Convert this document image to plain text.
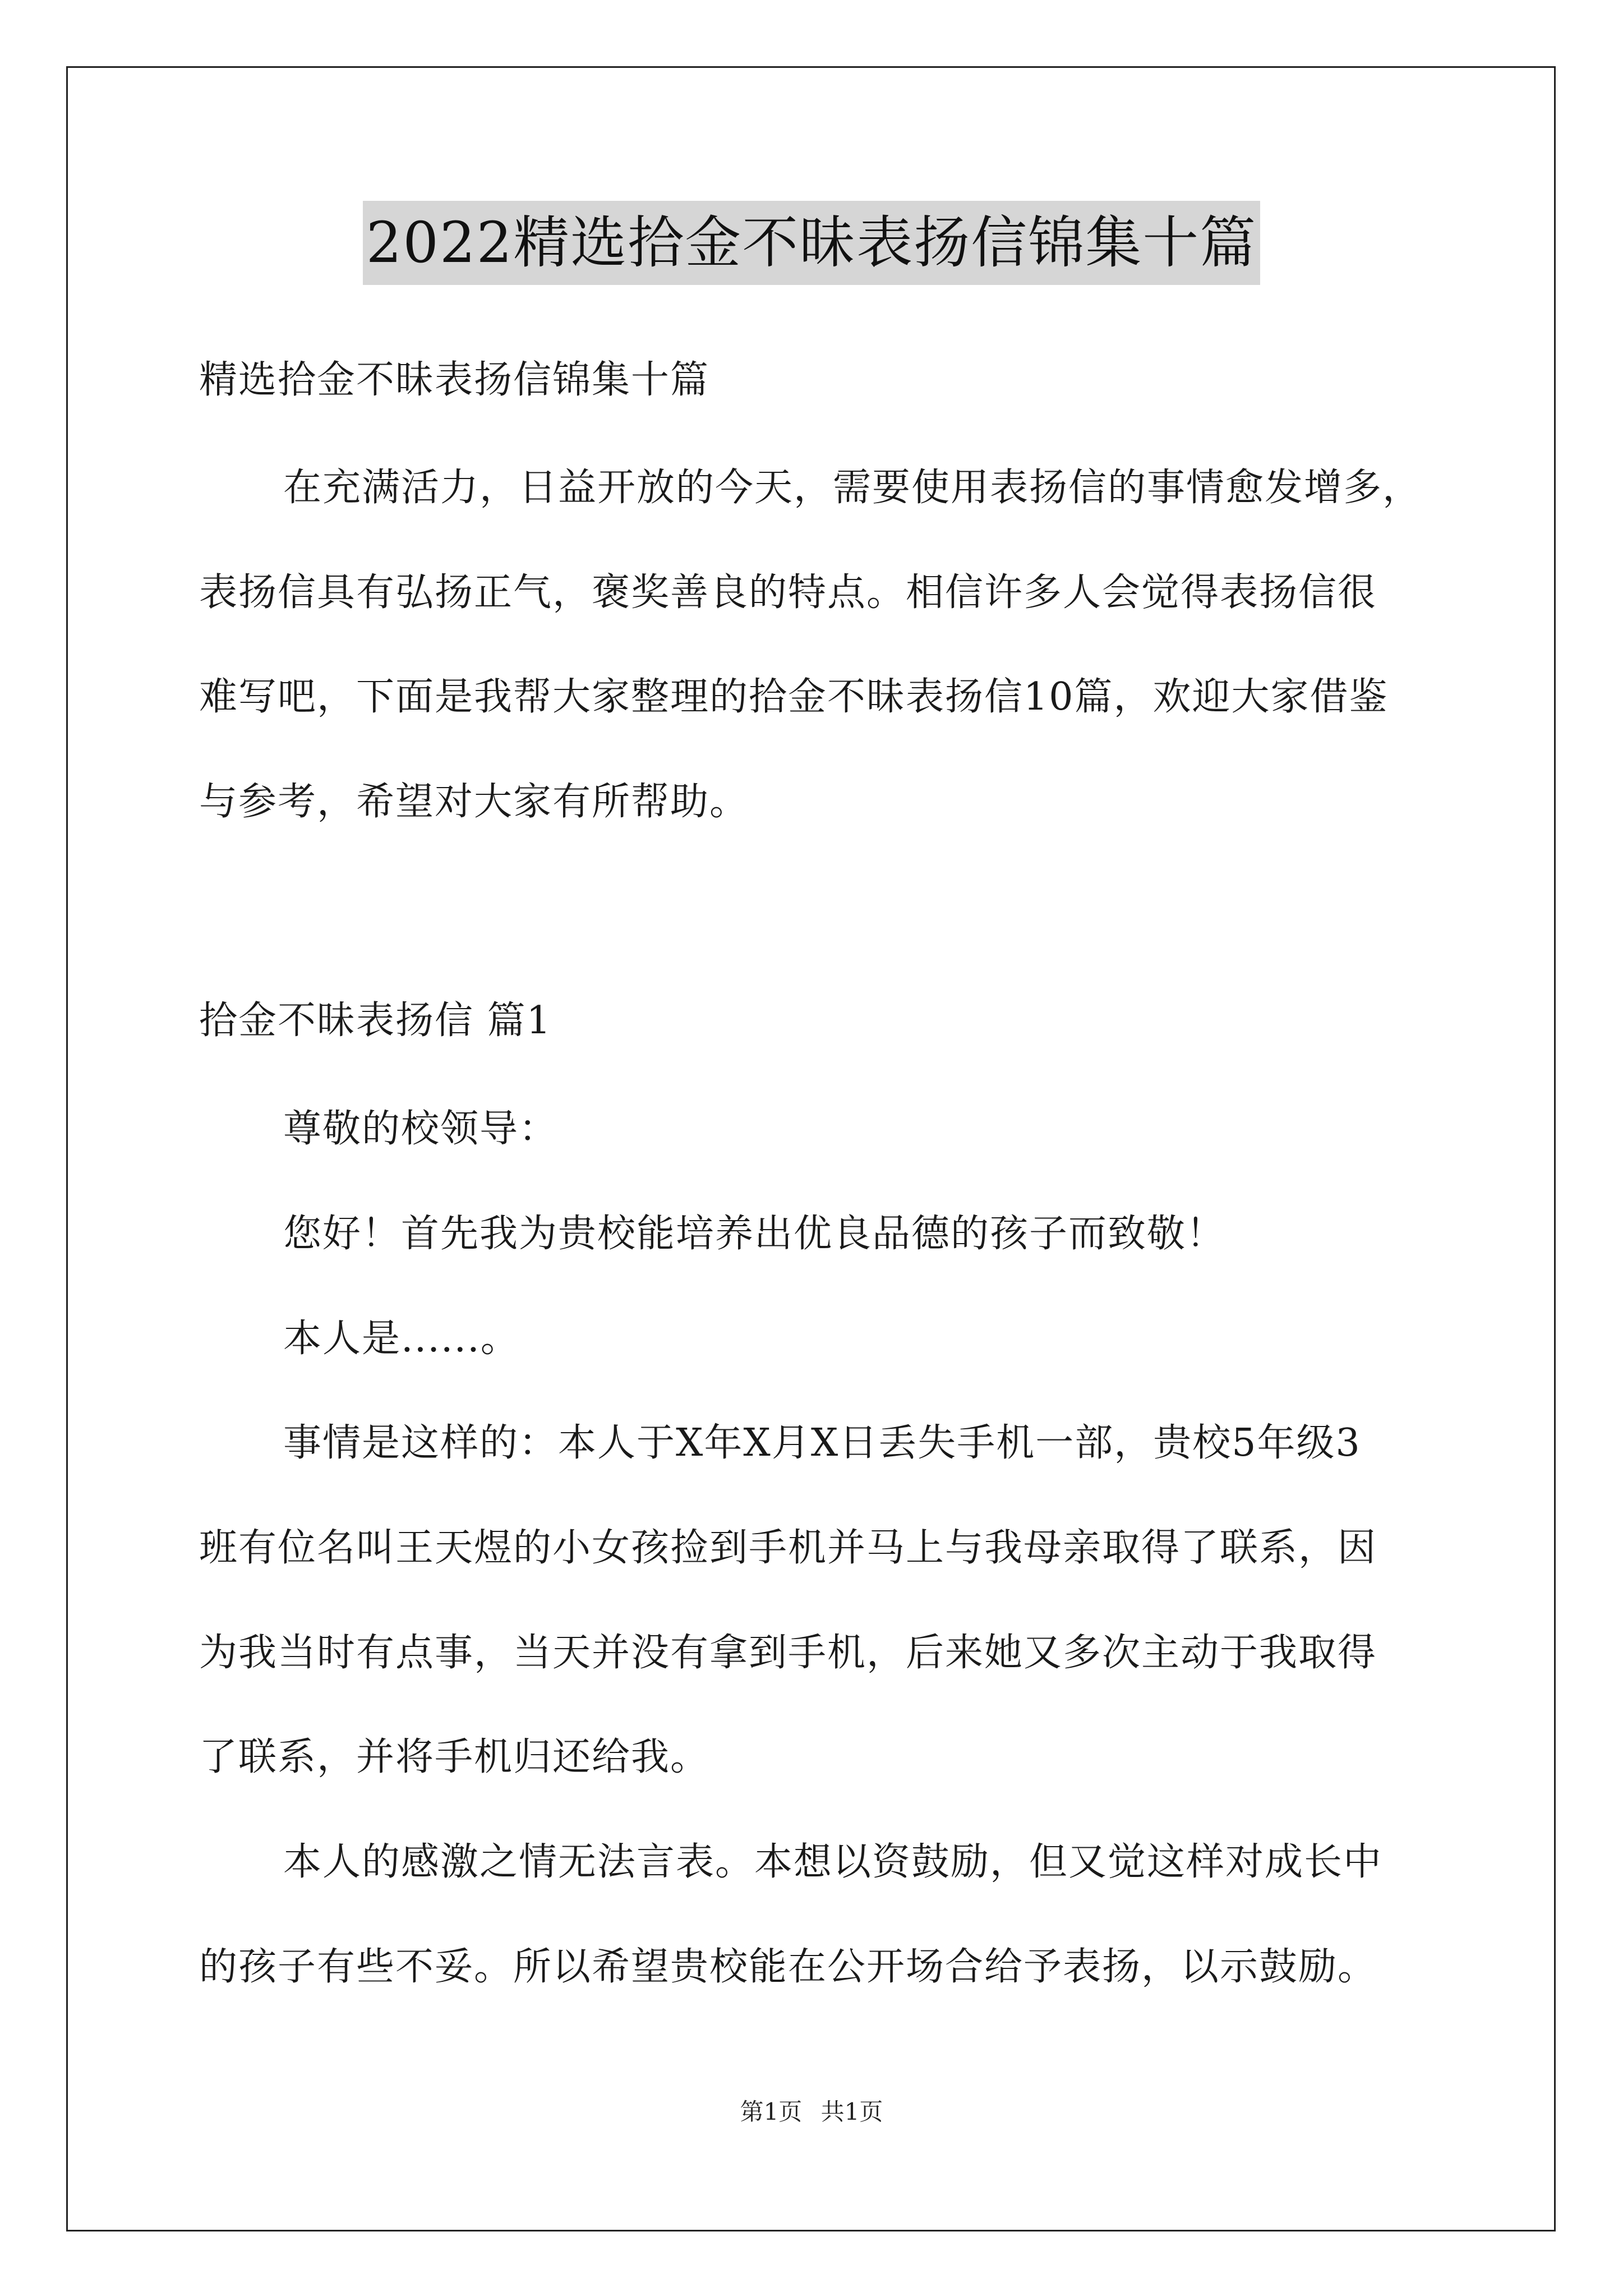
2022精选拾金不昧表扬信锦集十篇
精选拾金不昧表扬信锦集十篇
在充满活力，日益开放的今天，需要使用表扬信的事情愈发增多，
表扬信具有弘扬正气，褒奖善良的特点。相信许多人会觉得表扬信很
难写吧，下面是我帮大家整理的拾金不昧表扬信10篇，欢迎大家借鉴
与参考，希望对大家有所帮助。
拾金不昧表扬信 篇1
尊敬的校领导：
您好！首先我为贵校能培养出优良品德的孩子而致敬！
本人是......。
事情是这样的：本人于X年X月X日丢失手机一部，贵校5年级3
班有位名叫王天煜的小女孩捡到手机并马上与我母亲取得了联系，因
为我当时有点事，当天并没有拿到手机，后来她又多次主动于我取得
了联系，并将手机归还给我。
本人的感激之情无法言表。本想以资鼓励，但又觉这样对成长中
的孩子有些不妥。所以希望贵校能在公开场合给予表扬，以示鼓励。
第1页 共1页
